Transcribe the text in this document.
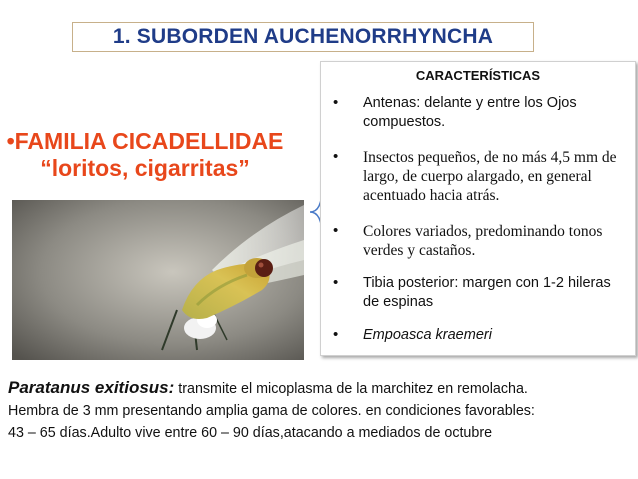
1. SUBORDEN AUCHENORRHYNCHA
•FAMILIA CICADELLIDAE
“loritos, cigarritas”
CARACTERÍSTICAS
• Antenas: delante y entre los Ojos compuestos.
• Insectos pequeños, de no más 4,5 mm de largo, de cuerpo alargado, en general acentuado hacia atrás.
• Colores variados, predominando tonos verdes y castaños.
• Tibia posterior: margen con 1-2 hileras de espinas
• Empoasca kraemeri
Paratanus exitiosus: transmite el micoplasma de la marchitez en remolacha.
Hembra de 3 mm presentando amplia gama de colores. en condiciones favorables:
43 – 65 días.Adulto vive entre 60 – 90 días,atacando a mediados de octubre
